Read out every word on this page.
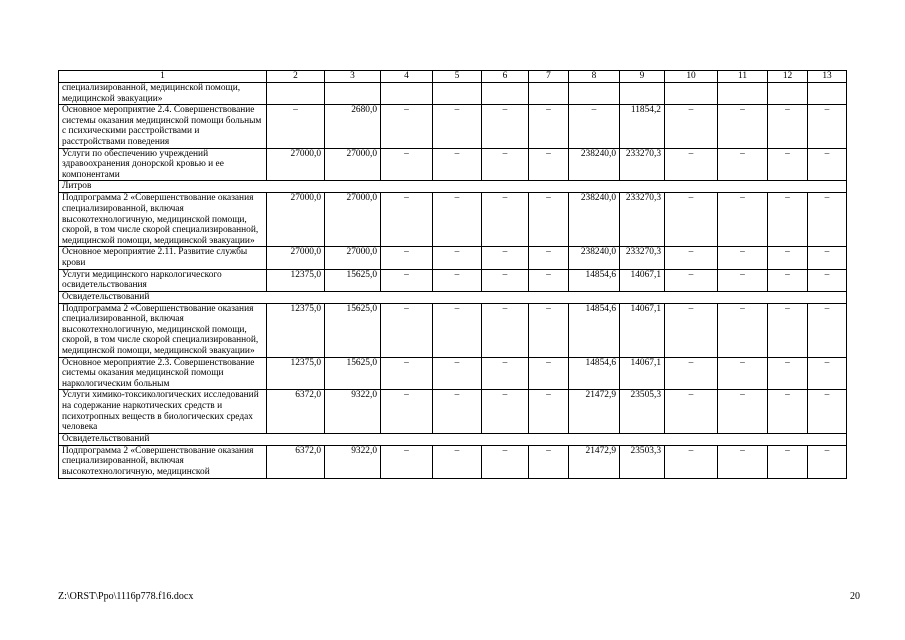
1	2	3	4	5	6	7	8	9	10	11	12	13
специализированной, медицинской помощи, медицинской эвакуации»												
Основное мероприятие 2.4. Совершенствование системы оказания медицинской помощи больным с психическими расстройствами и расстройствами поведения	–	2680,0	–	–	–	–	–	11854,2	–	–	–	–
Услуги по обеспечению учреждений здравоохранения донорской кровью и ее компонентами	27000,0	27000,0	–	–	–	–	238240,0	233270,3	–	–	–	–
Литров												
Подпрограмма 2 «Совершенствование оказания специализированной, включая высокотехнологичную, медицинской помощи, скорой, в том числе скорой специализированной, медицинской помощи, медицинской эвакуации»	27000,0	27000,0	–	–	–	–	238240,0	233270,3	–	–	–	–
Основное мероприятие 2.11. Развитие службы крови	27000,0	27000,0	–	–	–	–	238240,0	233270,3	–	–	–	–
Услуги медицинского наркологического освидетельствования	12375,0	15625,0	–	–	–	–	14854,6	14067,1	–	–	–	–
Освидетельствований												
Подпрограмма 2 «Совершенствование оказания специализированной, включая высокотехнологичную, медицинской помощи, скорой, в том числе скорой специализированной, медицинской помощи, медицинской эвакуации»	12375,0	15625,0	–	–	–	–	14854,6	14067,1	–	–	–	–
Основное мероприятие 2.3. Совершенствование системы оказания медицинской помощи наркологическим больным	12375,0	15625,0	–	–	–	–	14854,6	14067,1	–	–	–	–
Услуги химико-токсикологических исследований на содержание наркотических средств и психотропных веществ в биологических средах человека	6372,0	9322,0	–	–	–	–	21472,9	23505,3	–	–	–	–
Освидетельствований												
Подпрограмма 2 «Совершенствование оказания специализированной, включая высокотехнологичную, медицинской	6372,0	9322,0	–	–	–	–	21472,9	23503,3	–	–	–	–
Z:\ORST\Ppo\1116p778.f16.docx	20
